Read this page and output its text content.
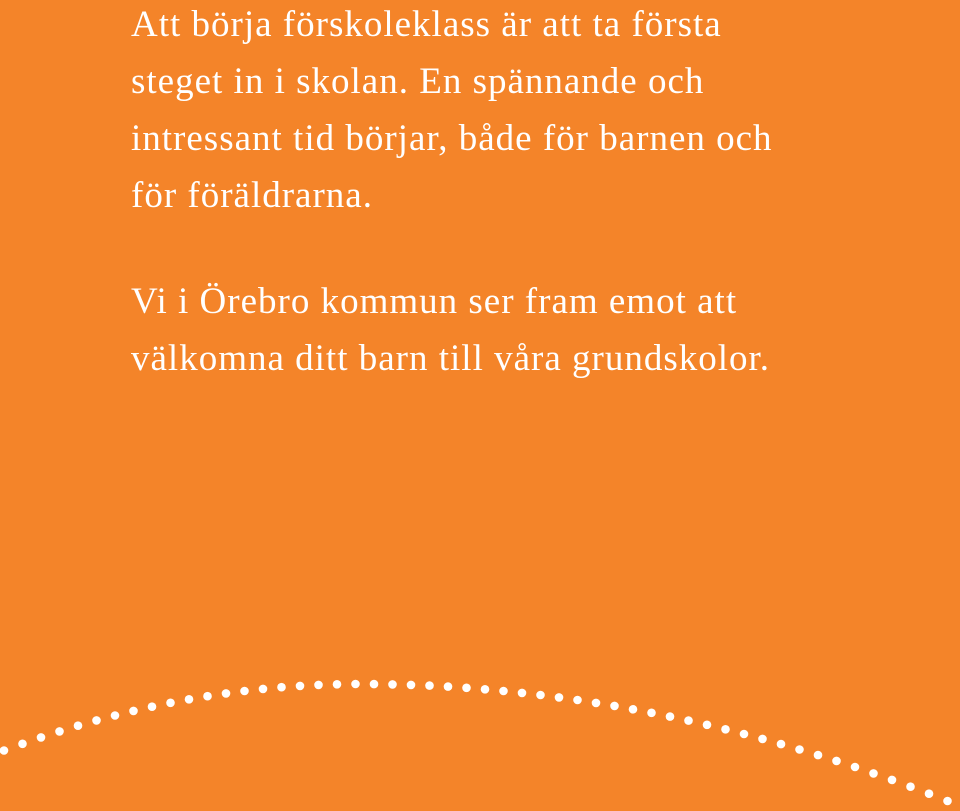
Att börja förskoleklass är att ta första
steget in i skolan. En spännande och
intressant tid börjar, både för barnen och
för föräldrarna.

Vi i Örebro kommun ser fram emot att
välkomna ditt barn till våra grundskolor.
